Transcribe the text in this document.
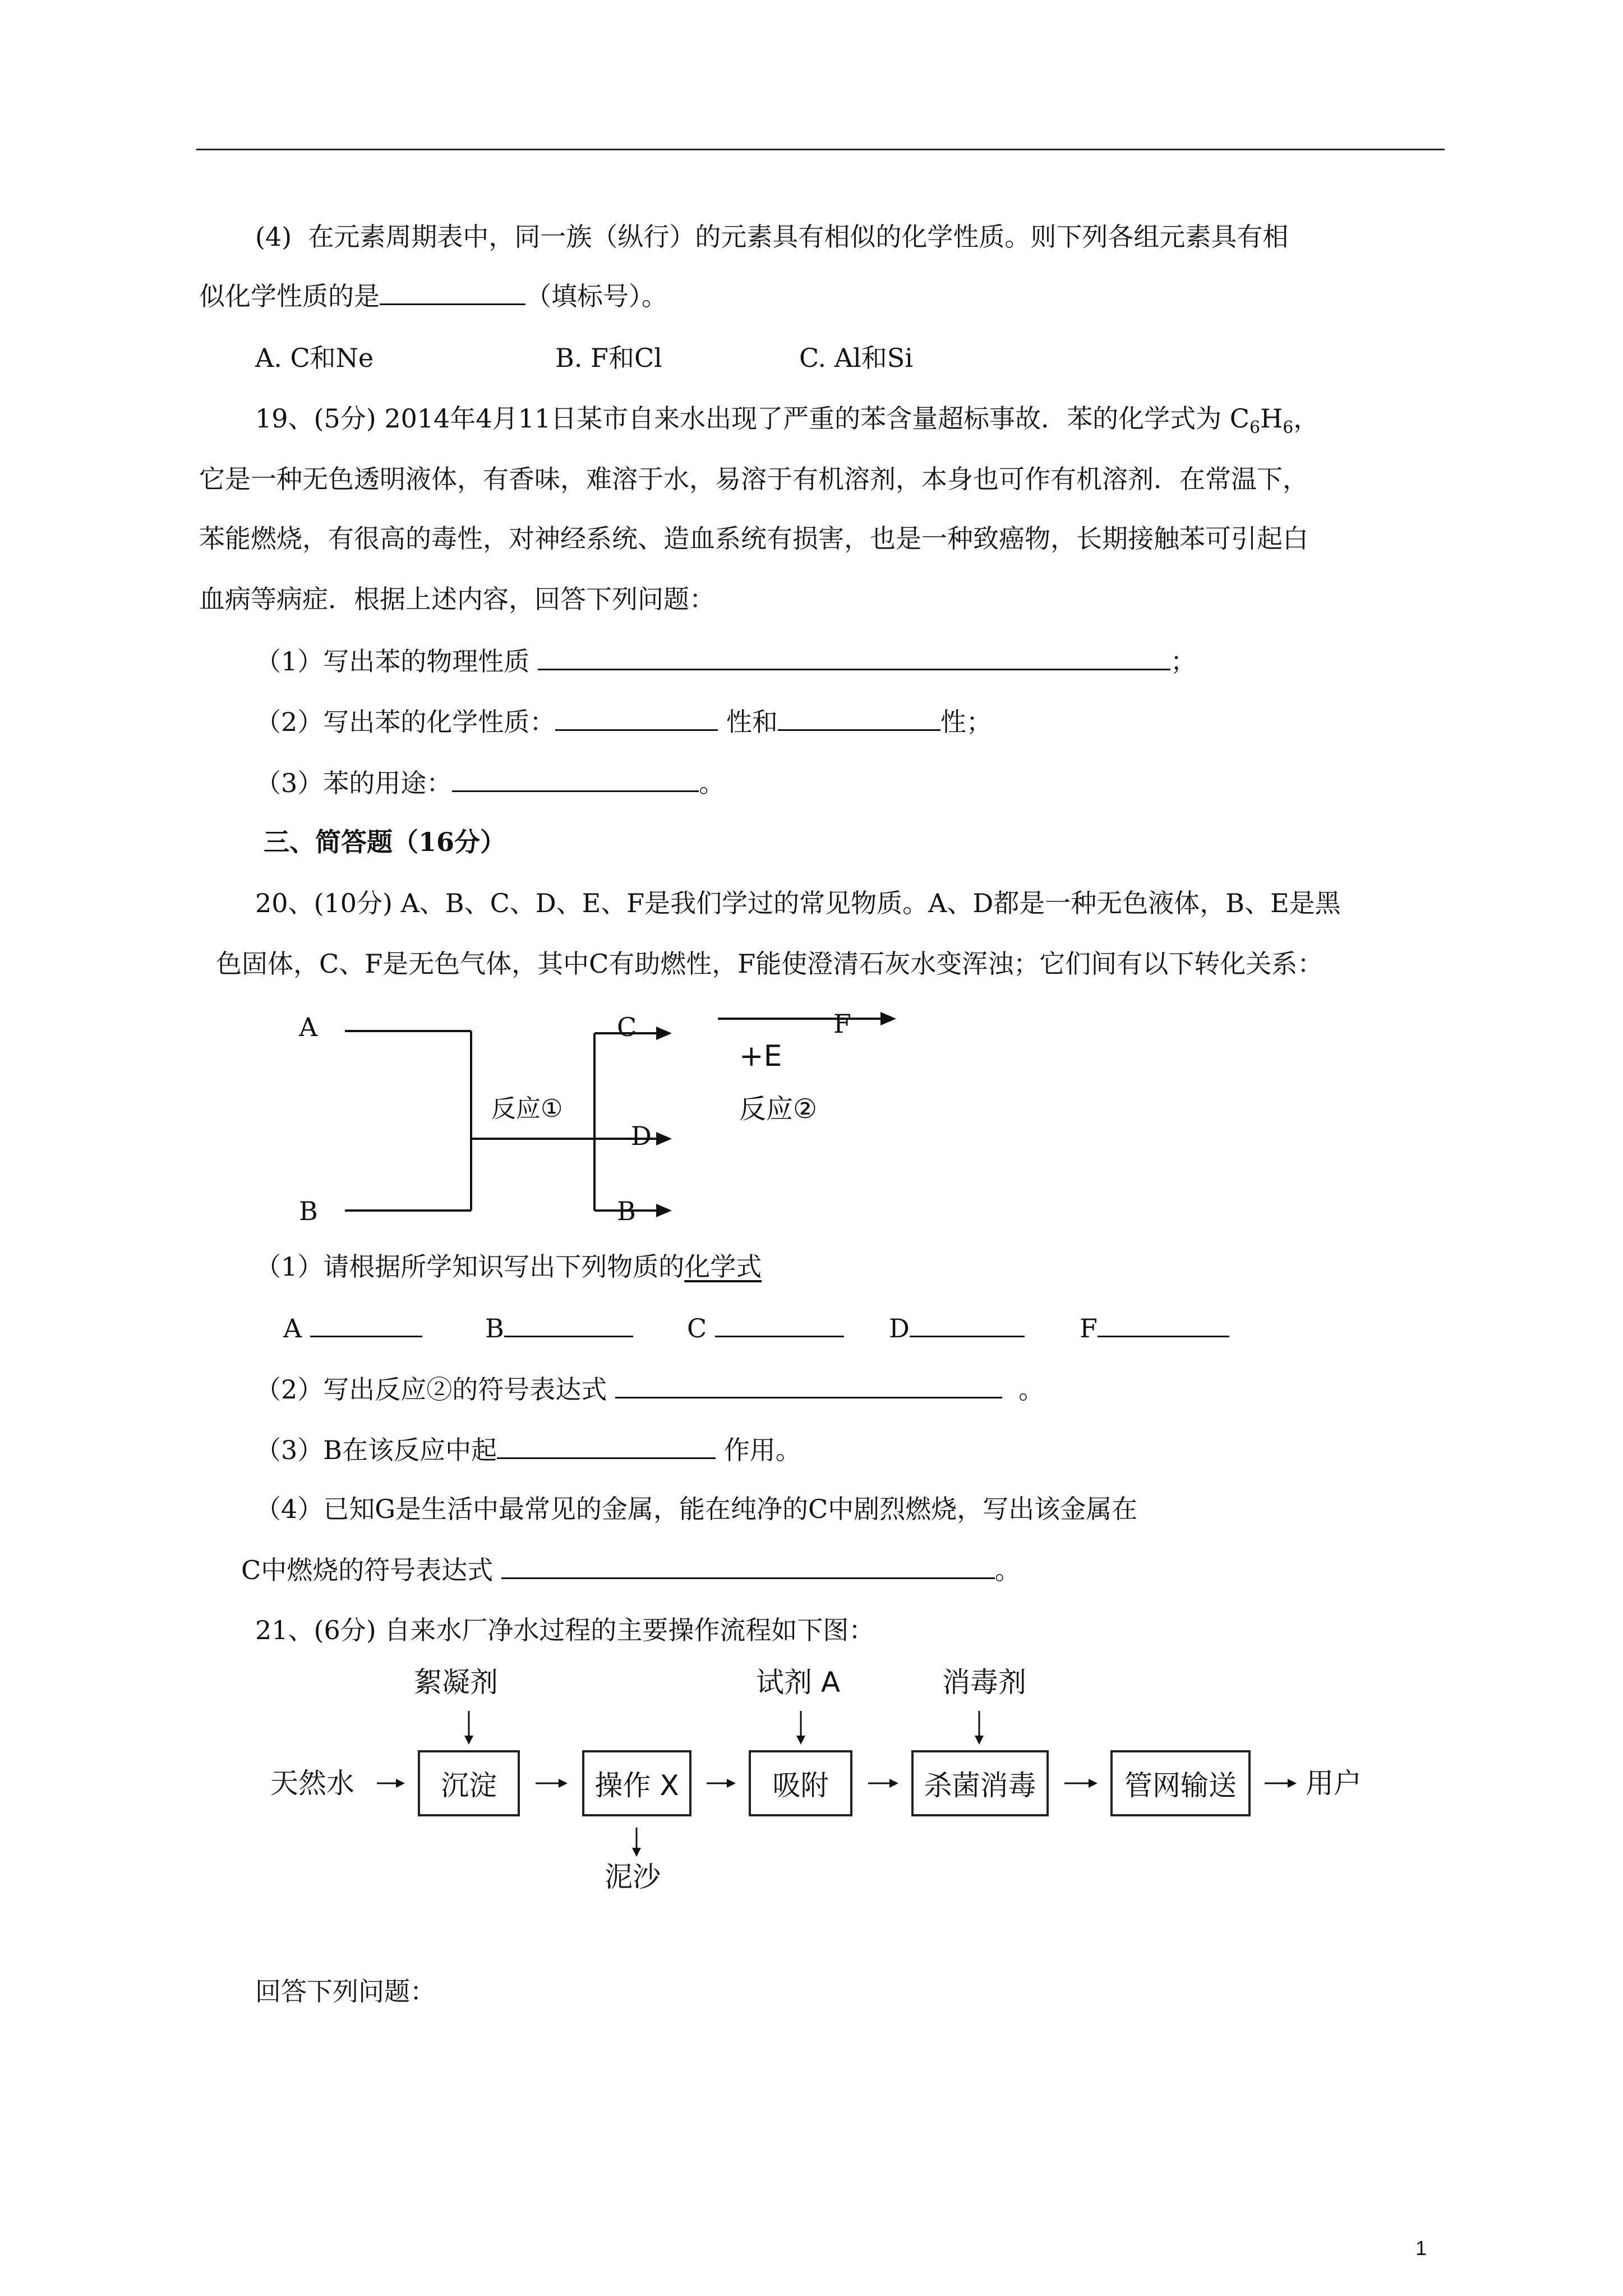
(4) 在元素周期表中，同一族（纵行）的元素具有相似的化学性质。则下列各组元素具有相
似化学性质的是	（填标号）。
A. C和Ne	B. F和Cl	C. Al和Si
19、(5分) 2014年4月11日某市自来水出现了严重的苯含量超标事故．苯的化学式为 $C_6H_6$，
它是一种无色透明液体，有香味，难溶于水，易溶于有机溶剂，本身也可作有机溶剂．在常温下，
苯能燃烧，有很高的毒性，对神经系统、造血系统有损害，也是一种致癌物，长期接触苯可引起白
血病等病症．根据上述内容，回答下列问题：
（1）写出苯的物理性质	；
（2）写出苯的化学性质：	性和	性；
（3）苯的用途：	。
三、简答题（16分）
20、(10分) A、B、C、D、E、F是我们学过的常见物质。A、D都是一种无色液体，B、E是黑
色固体，C、F是无色气体，其中C有助燃性，F能使澄清石灰水变浑浊；它们间有以下转化关系：
A
B
C
D
B
F
+E
反应①	反应②
（1）请根据所学知识写出下列物质的化学式
A	B	C	D	F
（2）写出反应②的符号表达式	。
（3）B在该反应中起	作用。
（4）已知G是生活中最常见的金属，能在纯净的C中剧烈燃烧，写出该金属在
C中燃烧的符号表达式	。
21、(6分) 自来水厂净水过程的主要操作流程如下图：
絮凝剂	试剂 A	消毒剂
天然水	沉淀	操作 X	吸附	杀菌消毒	管网输送	用户
泥沙
回答下列问题：
1
